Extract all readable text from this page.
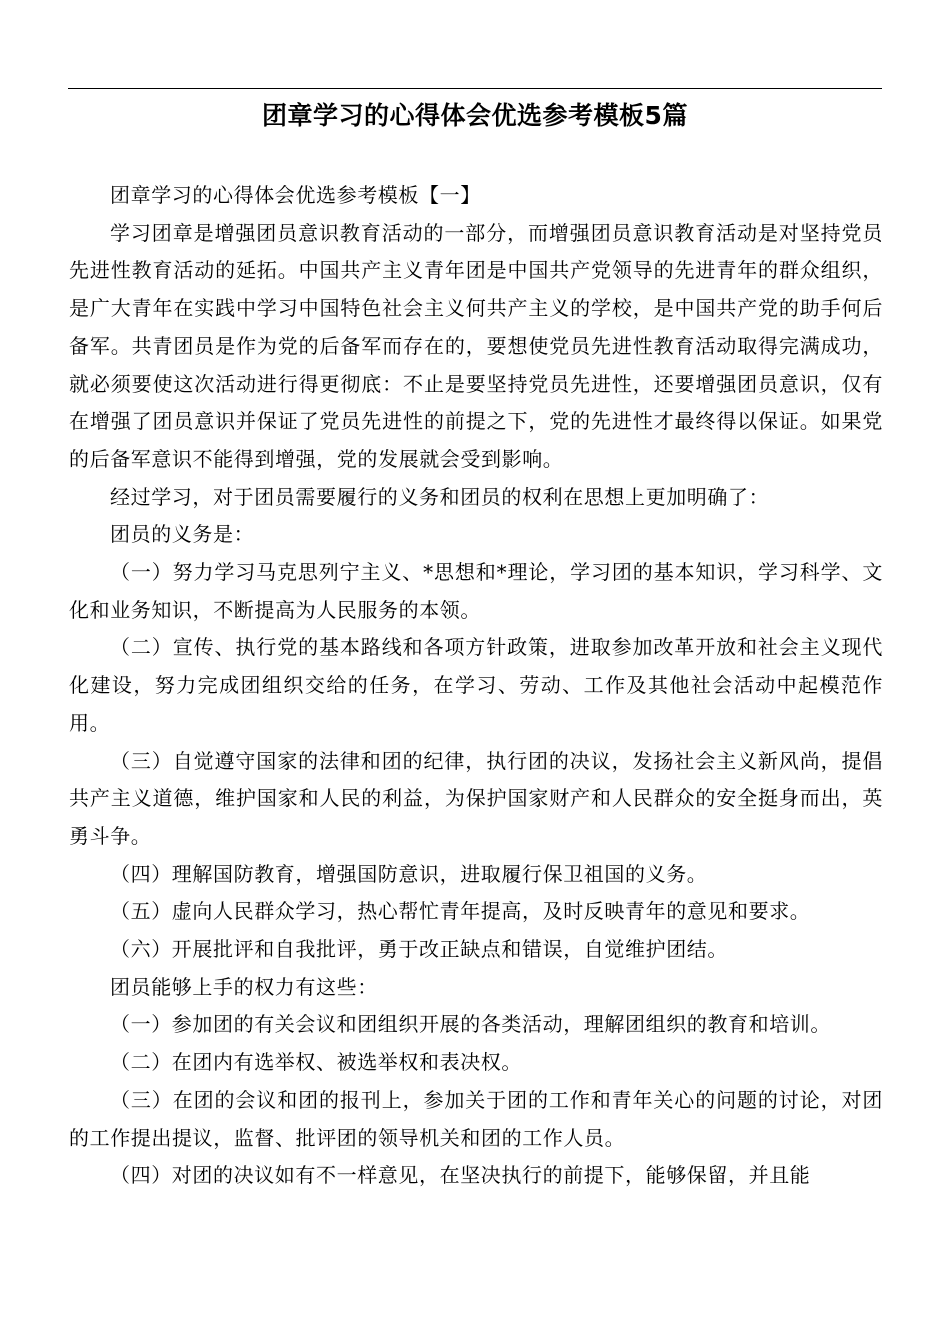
团章学习的心得体会优选参考模板5篇

团章学习的心得体会优选参考模板【一】

学习团章是增强团员意识教育活动的一部分，而增强团员意识教育活动是对坚持党员先进性教育活动的延拓。中国共产主义青年团是中国共产党领导的先进青年的群众组织，是广大青年在实践中学习中国特色社会主义何共产主义的学校，是中国共产党的助手何后备军。共青团员是作为党的后备军而存在的，要想使党员先进性教育活动取得完满成功，就必须要使这次活动进行得更彻底：不止是要坚持党员先进性，还要增强团员意识，仅有在增强了团员意识并保证了党员先进性的前提之下，党的先进性才最终得以保证。如果党的后备军意识不能得到增强，党的发展就会受到影响。

经过学习，对于团员需要履行的义务和团员的权利在思想上更加明确了：

团员的义务是：

（一）努力学习马克思列宁主义、*思想和*理论，学习团的基本知识，学习科学、文化和业务知识，不断提高为人民服务的本领。

（二）宣传、执行党的基本路线和各项方针政策，进取参加改革开放和社会主义现代化建设，努力完成团组织交给的任务，在学习、劳动、工作及其他社会活动中起模范作用。

（三）自觉遵守国家的法律和团的纪律，执行团的决议，发扬社会主义新风尚，提倡共产主义道德，维护国家和人民的利益，为保护国家财产和人民群众的安全挺身而出，英勇斗争。

（四）理解国防教育，增强国防意识，进取履行保卫祖国的义务。

（五）虚向人民群众学习，热心帮忙青年提高，及时反映青年的意见和要求。

（六）开展批评和自我批评，勇于改正缺点和错误，自觉维护团结。

团员能够上手的权力有这些：

（一）参加团的有关会议和团组织开展的各类活动，理解团组织的教育和培训。

（二）在团内有选举权、被选举权和表决权。

（三）在团的会议和团的报刊上，参加关于团的工作和青年关心的问题的讨论，对团的工作提出提议，监督、批评团的领导机关和团的工作人员。

（四）对团的决议如有不一样意见，在坚决执行的前提下，能够保留，并且能
